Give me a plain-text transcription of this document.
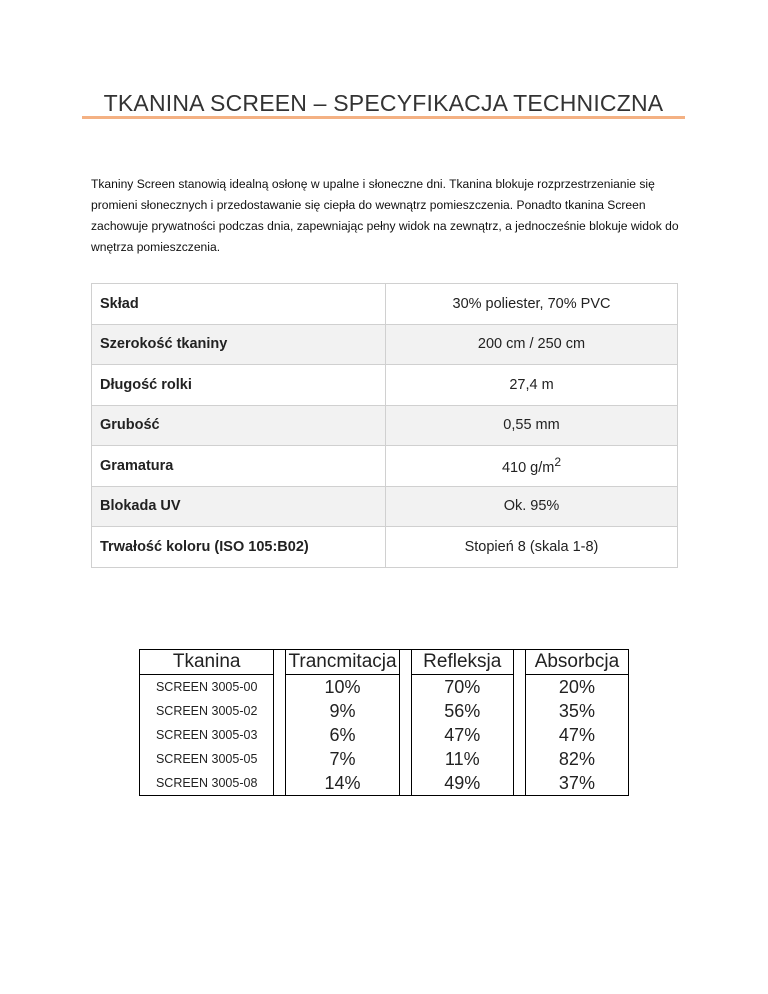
TKANINA SCREEN – SPECYFIKACJA TECHNICZNA

Tkaniny Screen stanowią idealną osłonę w upalne i słoneczne dni. Tkanina blokuje rozprzestrzenianie się promieni słonecznych i przedostawanie się ciepła do wewnątrz pomieszczenia. Ponadto tkanina Screen zachowuje prywatności podczas dnia, zapewniając pełny widok na zewnątrz, a jednocześnie blokuje widok do wnętrza pomieszczenia.

Skład	30% poliester, 70% PVC
Szerokość tkaniny	200 cm / 250 cm
Długość rolki	27,4 m
Grubość	0,55 mm
Gramatura	410 $g/m^2$
Blokada UV	Ok. 95%
Trwałość koloru (ISO 105:B02)	Stopień 8 (skala 1-8)
Tkanina		Trancmitacja		Refleksja		Absorbcja
SCREEN 3005-00		10%		70%		20%
SCREEN 3005-02		9%		56%		35%
SCREEN 3005-03		6%		47%		47%
SCREEN 3005-05		7%		11%		82%
SCREEN 3005-08		14%		49%		37%
